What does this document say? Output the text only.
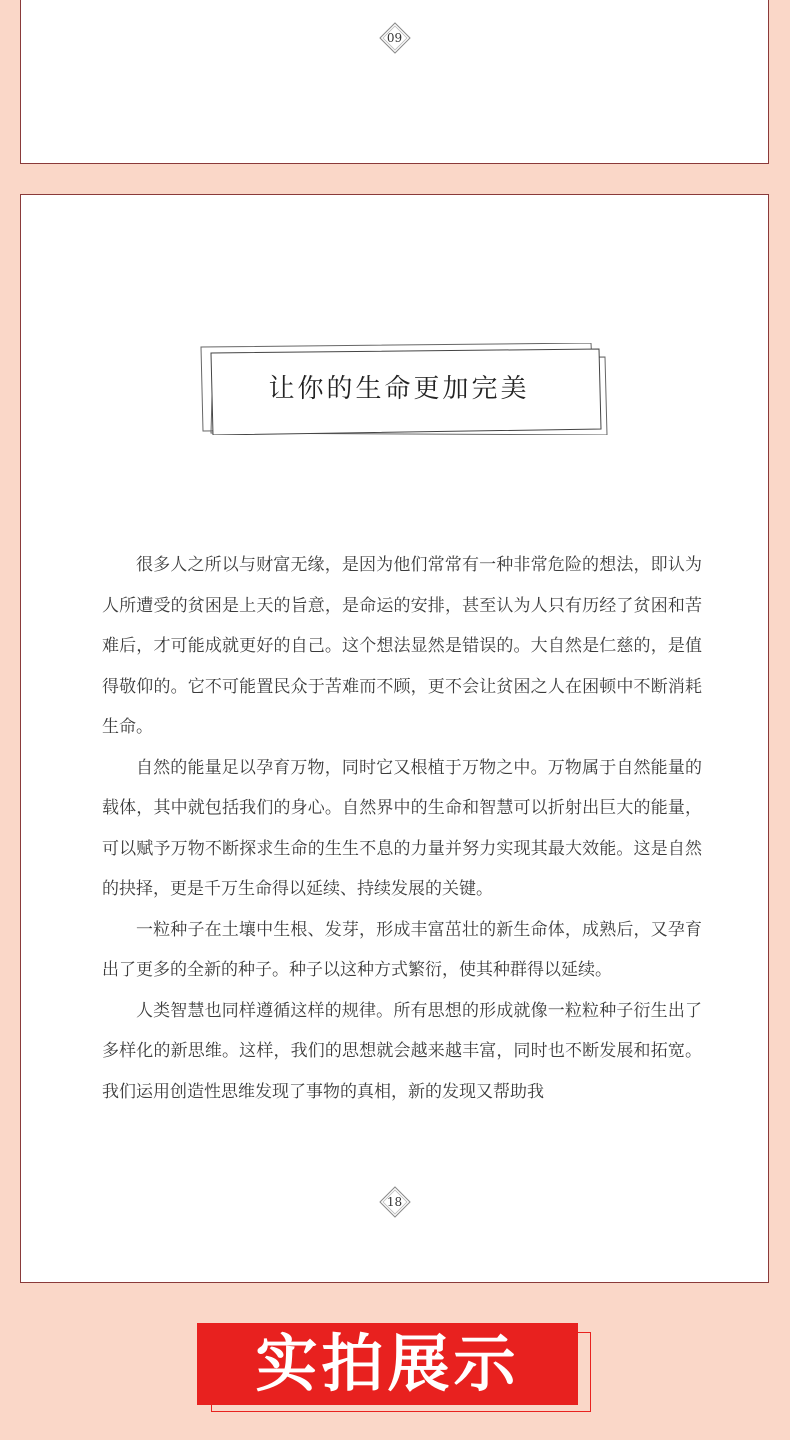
09
让你的生命更加完美

很多人之所以与财富无缘，是因为他们常常有一种非常危险的想法，即认为人所遭受的贫困是上天的旨意，是命运的安排，甚至认为人只有历经了贫困和苦难后，才可能成就更好的自己。这个想法显然是错误的。大自然是仁慈的，是值得敬仰的。它不可能置民众于苦难而不顾，更不会让贫困之人在困顿中不断消耗生命。

自然的能量足以孕育万物，同时它又根植于万物之中。万物属于自然能量的载体，其中就包括我们的身心。自然界中的生命和智慧可以折射出巨大的能量，可以赋予万物不断探求生命的生生不息的力量并努力实现其最大效能。这是自然的抉择，更是千万生命得以延续、持续发展的关键。

一粒种子在土壤中生根、发芽，形成丰富茁壮的新生命体，成熟后，又孕育出了更多的全新的种子。种子以这种方式繁衍，使其种群得以延续。

人类智慧也同样遵循这样的规律。所有思想的形成就像一粒粒种子衍生出了多样化的新思维。这样，我们的思想就会越来越丰富，同时也不断发展和拓宽。我们运用创造性思维发现了事物的真相，新的发现又帮助我

18
实拍展示
